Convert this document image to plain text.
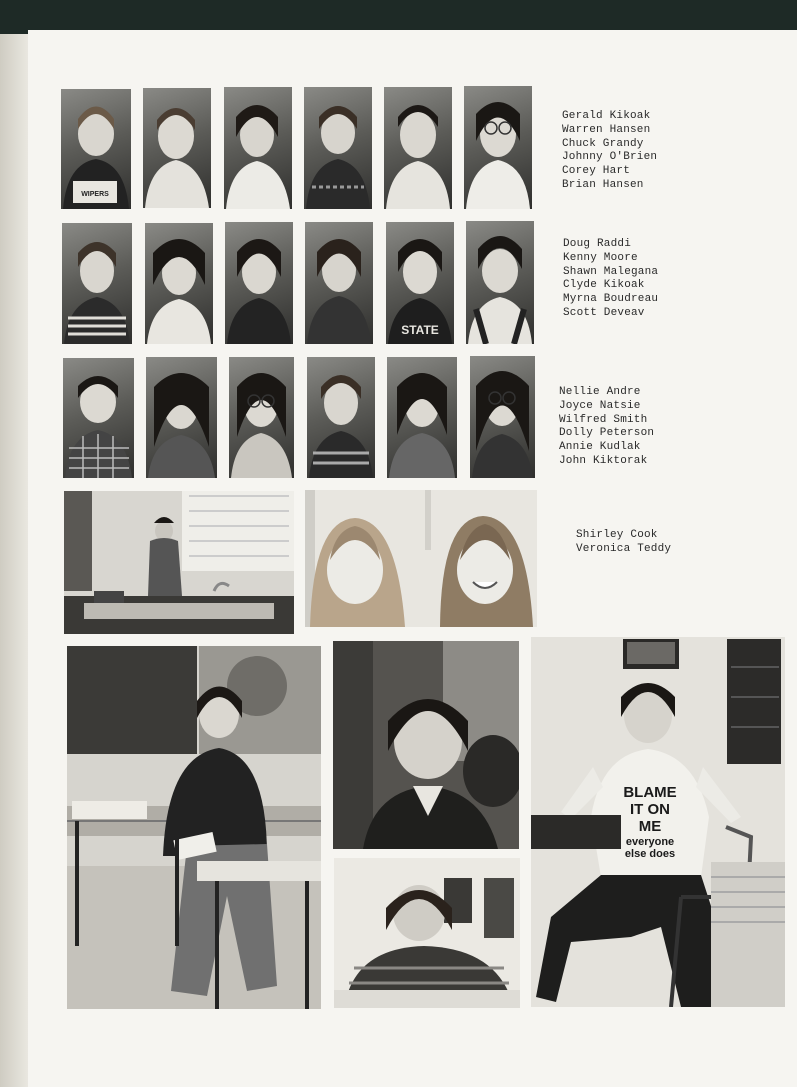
WIPERS
Gerald Kikoak
Warren Hansen
Chuck Grandy
Johnny O'Brien
Corey Hart
Brian Hansen
STATE
Doug Raddi
Kenny Moore
Shawn Malegana
Clyde Kikoak
Myrna Boudreau
Scott Deveav
Nellie Andre
Joyce Natsie
Wilfred Smith
Dolly Peterson
Annie Kudlak
John Kiktorak
Shirley Cook
Veronica Teddy
BLAME
IT ON
ME
everyone
else does
